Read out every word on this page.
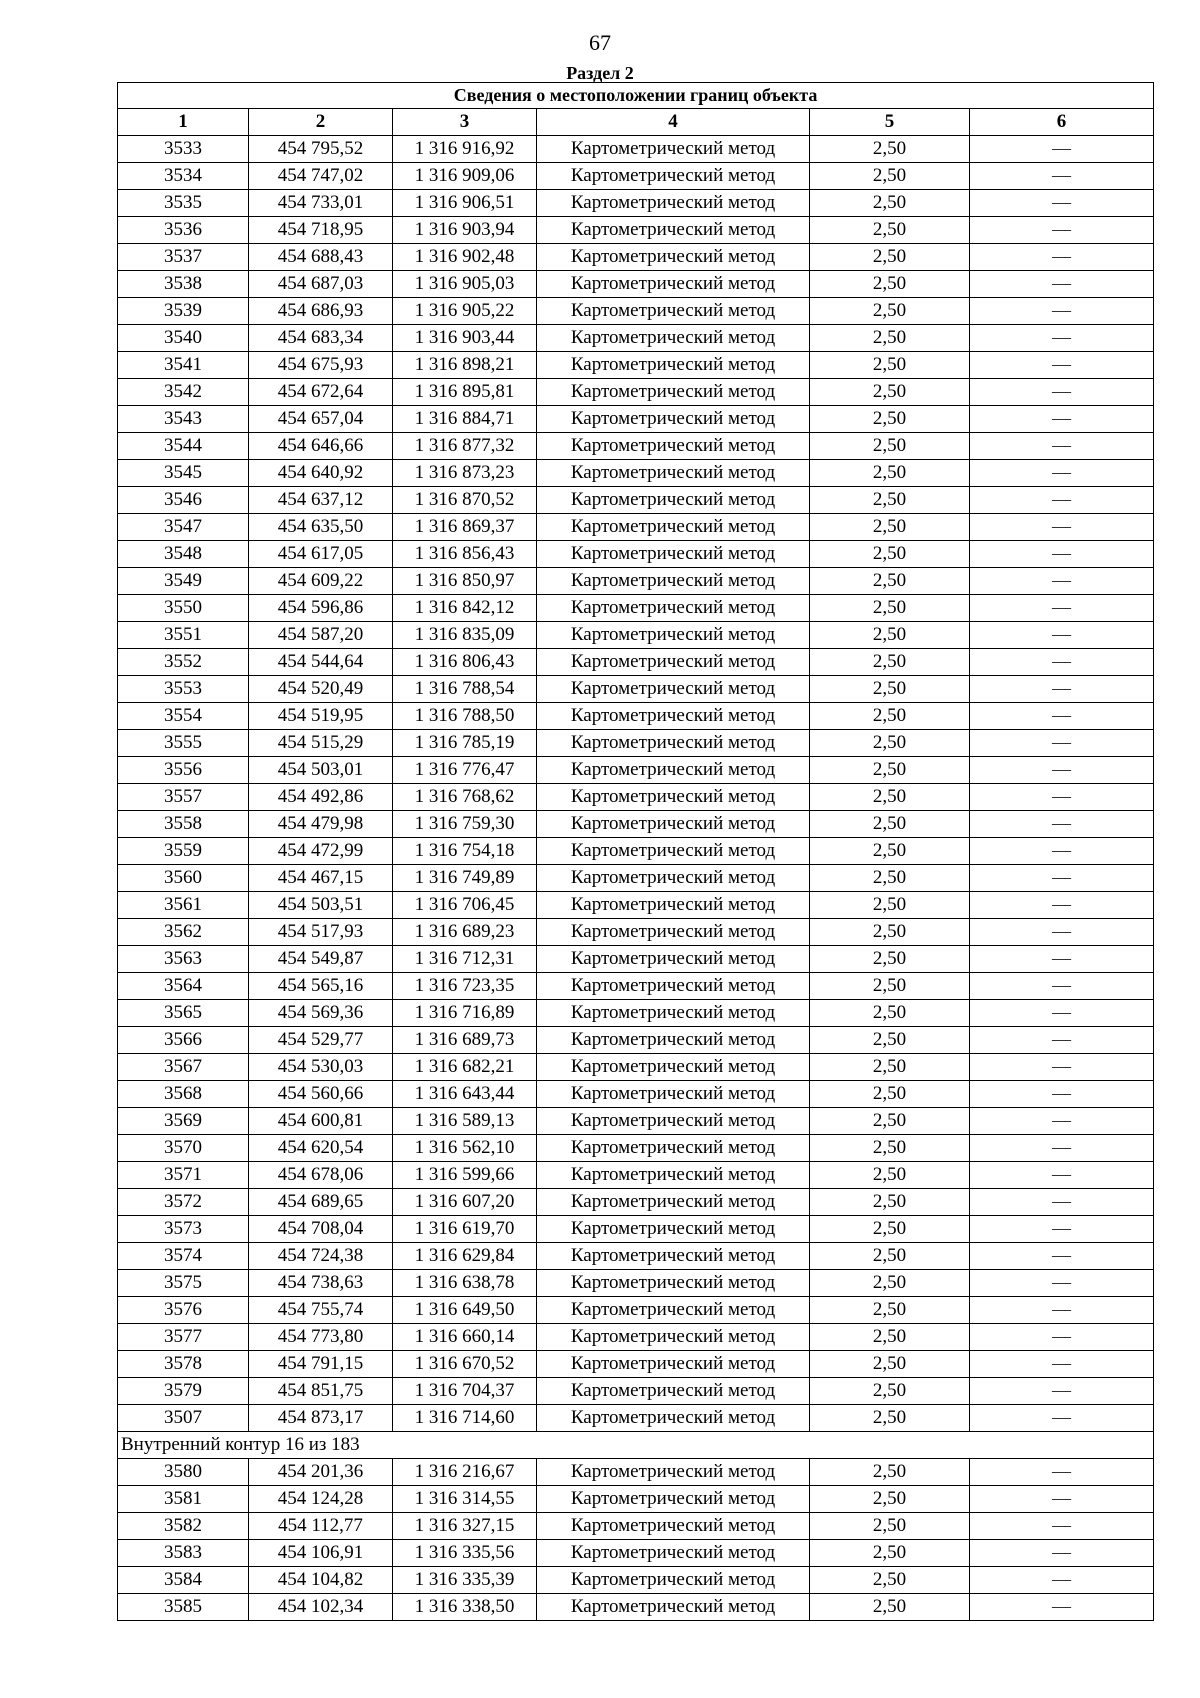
67
Раздел 2
Сведения о местоположении границ объекта					
1	2	3	4	5	6
3533	454 795,52	1 316 916,92	Картометрический метод	2,50	—
3534	454 747,02	1 316 909,06	Картометрический метод	2,50	—
3535	454 733,01	1 316 906,51	Картометрический метод	2,50	—
3536	454 718,95	1 316 903,94	Картометрический метод	2,50	—
3537	454 688,43	1 316 902,48	Картометрический метод	2,50	—
3538	454 687,03	1 316 905,03	Картометрический метод	2,50	—
3539	454 686,93	1 316 905,22	Картометрический метод	2,50	—
3540	454 683,34	1 316 903,44	Картометрический метод	2,50	—
3541	454 675,93	1 316 898,21	Картометрический метод	2,50	—
3542	454 672,64	1 316 895,81	Картометрический метод	2,50	—
3543	454 657,04	1 316 884,71	Картометрический метод	2,50	—
3544	454 646,66	1 316 877,32	Картометрический метод	2,50	—
3545	454 640,92	1 316 873,23	Картометрический метод	2,50	—
3546	454 637,12	1 316 870,52	Картометрический метод	2,50	—
3547	454 635,50	1 316 869,37	Картометрический метод	2,50	—
3548	454 617,05	1 316 856,43	Картометрический метод	2,50	—
3549	454 609,22	1 316 850,97	Картометрический метод	2,50	—
3550	454 596,86	1 316 842,12	Картометрический метод	2,50	—
3551	454 587,20	1 316 835,09	Картометрический метод	2,50	—
3552	454 544,64	1 316 806,43	Картометрический метод	2,50	—
3553	454 520,49	1 316 788,54	Картометрический метод	2,50	—
3554	454 519,95	1 316 788,50	Картометрический метод	2,50	—
3555	454 515,29	1 316 785,19	Картометрический метод	2,50	—
3556	454 503,01	1 316 776,47	Картометрический метод	2,50	—
3557	454 492,86	1 316 768,62	Картометрический метод	2,50	—
3558	454 479,98	1 316 759,30	Картометрический метод	2,50	—
3559	454 472,99	1 316 754,18	Картометрический метод	2,50	—
3560	454 467,15	1 316 749,89	Картометрический метод	2,50	—
3561	454 503,51	1 316 706,45	Картометрический метод	2,50	—
3562	454 517,93	1 316 689,23	Картометрический метод	2,50	—
3563	454 549,87	1 316 712,31	Картометрический метод	2,50	—
3564	454 565,16	1 316 723,35	Картометрический метод	2,50	—
3565	454 569,36	1 316 716,89	Картометрический метод	2,50	—
3566	454 529,77	1 316 689,73	Картометрический метод	2,50	—
3567	454 530,03	1 316 682,21	Картометрический метод	2,50	—
3568	454 560,66	1 316 643,44	Картометрический метод	2,50	—
3569	454 600,81	1 316 589,13	Картометрический метод	2,50	—
3570	454 620,54	1 316 562,10	Картометрический метод	2,50	—
3571	454 678,06	1 316 599,66	Картометрический метод	2,50	—
3572	454 689,65	1 316 607,20	Картометрический метод	2,50	—
3573	454 708,04	1 316 619,70	Картометрический метод	2,50	—
3574	454 724,38	1 316 629,84	Картометрический метод	2,50	—
3575	454 738,63	1 316 638,78	Картометрический метод	2,50	—
3576	454 755,74	1 316 649,50	Картометрический метод	2,50	—
3577	454 773,80	1 316 660,14	Картометрический метод	2,50	—
3578	454 791,15	1 316 670,52	Картометрический метод	2,50	—
3579	454 851,75	1 316 704,37	Картометрический метод	2,50	—
3507	454 873,17	1 316 714,60	Картометрический метод	2,50	—
Внутренний контур 16 из 183					
3580	454 201,36	1 316 216,67	Картометрический метод	2,50	—
3581	454 124,28	1 316 314,55	Картометрический метод	2,50	—
3582	454 112,77	1 316 327,15	Картометрический метод	2,50	—
3583	454 106,91	1 316 335,56	Картометрический метод	2,50	—
3584	454 104,82	1 316 335,39	Картометрический метод	2,50	—
3585	454 102,34	1 316 338,50	Картометрический метод	2,50	—
